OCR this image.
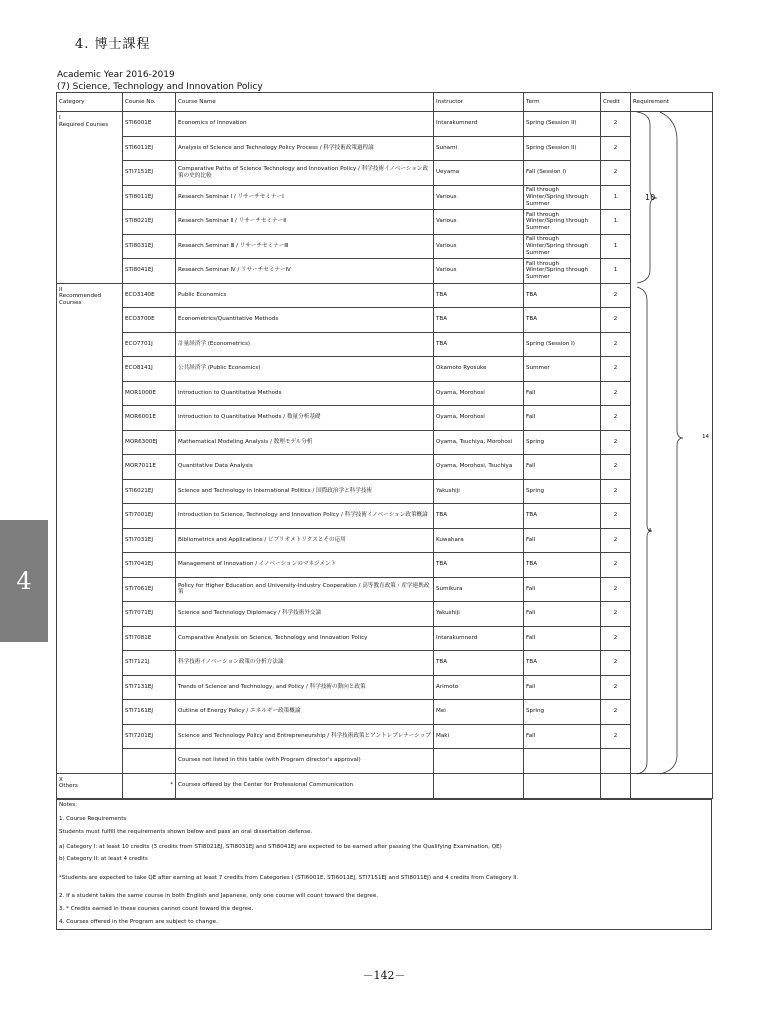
4. 博士課程
Academic Year 2016-2019
(7) Science, Technology and Innovation Policy
Category	Course No.	Course Name	Instructor	Term	Credit	Requirement

I
Required Courses	STI6001E	Economics of Innovation	Intarakumnerd	Spring (Session II)	2	
	STI6011EJ	Analysis of Science and Technology Policy Process / 科学技術政策過程論	Sunami	Spring (Session II)	2	
	STI7151EJ	Comparative Paths of Science Technology and Innovation Policy / 科学技術イノベーション政策の史的比較	Ueyama	Fall (Session I)	2	
	STI8011EJ	Research Seminar Ⅰ / リサーチセミナーⅠ	Various	Fall through Winter/Spring through Summer	1	
	STI8021EJ	Research Seminar Ⅱ / リサーチセミナーⅡ	Various	Fall through Winter/Spring through Summer	1	
	STI8031EJ	Research Seminar Ⅲ / リサーチセミナーⅢ	Various	Fall through Winter/Spring through Summer	1	
	STI8041EJ	Research Seminar Ⅳ / リサーチセミナーⅣ	Various	Fall through Winter/Spring through Summer	1	

II
Recommended
Courses	ECO3140E	Public Economics	TBA	TBA	2	
	ECO3700E	Econometrics/Quantitative Methods	TBA	TBA	2	
	ECO7701J	計量経済学 (Econometrics)	TBA	Spring (Session I)	2	
	ECO8141J	公共経済学 (Public Economics)	Okamoto Ryosuke	Summer	2	
	MOR1000E	Introduction to Quantitative Methods	Oyama, Morohosi	Fall	2	
	MOR6001E	Introduction to Quantitative Methods / 数量分析基礎	Oyama, Morohosi	Fall	2	
	MOR6300EJ	Mathematical Modeling Analysis / 数理モデル分析	Oyama, Tsuchiya, Morohosi	Spring	2	
	MOR7011E	Quantitative Data Analysis	Oyama, Morohosi, Tsuchiya	Fall	2	
	STI6021EJ	Science and Technology in International Politics / 国際政治学と科学技術	Yakushiji	Spring	2	
	STI7001EJ	Introduction to Science, Technology and Innovation Policy / 科学技術イノベーション政策概論	TBA	TBA	2	
	STI7031EJ	Bibliometrics and Applications / ビブリオメトリクスとその応用	Kuwahara	Fall	2	
	STI7041EJ	Management of Innovation / イノベーションのマネジメント	TBA	TBA	2	
	STI7061EJ	Policy for Higher Education and University-Industry Cooperation / 高等教育政策・産学連携政策	Sumikura	Fall	2	
	STI7071EJ	Science and Technology Diplomacy / 科学技術外交論	Yakushiji	Fall	2	
	STI7081E	Comparative Analysis on Science, Technology and Innovation Policy	Intarakumnerd	Fall	2	
	STI7121J	科学技術イノベーション政策の分析方法論	TBA	TBA	2	
	STI7131EJ	Trends of Science and Technology, and Policy / 科学技術の動向と政策	Arimoto	Fall	2	
	STI7161EJ	Outline of Energy Policy / エネルギー政策概論	Mei	Spring	2	
	STI7201EJ	Science and Technology Policy and Entrepreneurship / 科学技術政策とアントレプレナーシップ	Maki	Fall	2	
		Courses not listed in this table (with Program director's approval)				

X
Others	*	Courses offered by the Center for Professional Communication				
10
14
4
Notes:
1. Course Requirements
Students must fulfill the requirements shown below and pass an oral dissertation defense.
a) Category I: at least 10 credits (3 credits from STI8021EJ, STI8031EJ and STI8041EJ are expected to be earned after passing the Qualifying Examination, QE)
b) Category II: at least 4 credits
*Students are expected to take QE after earning at least 7 credits from Categories I (STI6001E, STI6011EJ, STI7151EJ and STI8011EJ) and 4 credits from Category II.
2. If a student takes the same course in both English and Japanese, only one course will count toward the degree.
3. * Credits earned in these courses cannot count toward the degree.
4. Courses offered in the Program are subject to change.
4
－142－
